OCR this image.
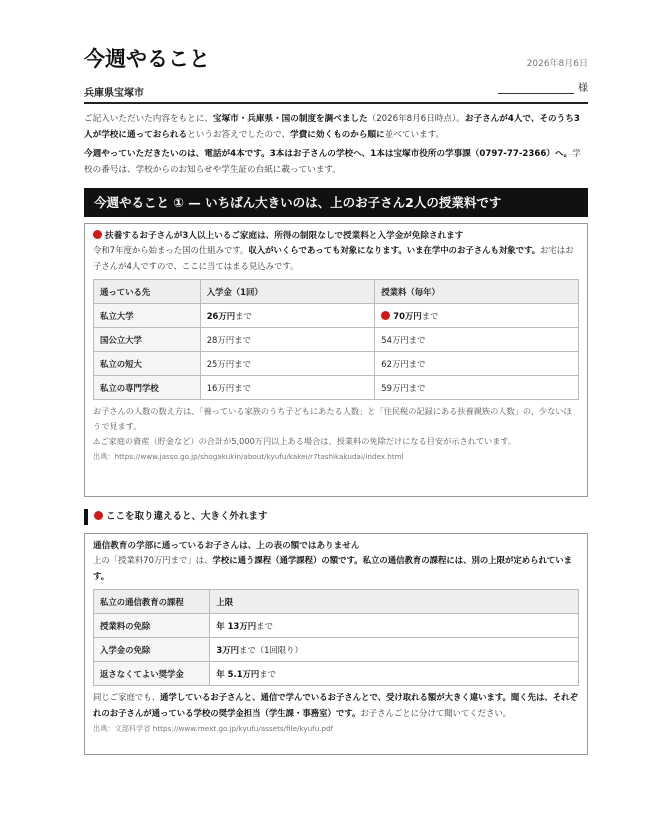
今週やること	2026年8月6日
兵庫県宝塚市	様

ご記入いただいた内容をもとに、宝塚市・兵庫県・国の制度を調べました（2026年8月6日時点）。お子さんが4人で、そのうち3人が学校に通っておられるというお答えでしたので、学費に効くものから順に並べています。

今週やっていただきたいのは、電話が4本です。3本はお子さんの学校へ、1本は宝塚市役所の学事課（0797-77-2366）へ。学校の番号は、学校からのお知らせや学生証の台紙に載っています。

今週やること ① — いちばん大きいのは、上のお子さん2人の授業料です
扶養するお子さんが3人以上いるご家庭は、所得の制限なしで授業料と入学金が免除されます

令和7年度から始まった国の仕組みです。収入がいくらであっても対象になります。いま在学中のお子さんも対象です。お宅はお子さんが4人ですので、ここに当てはまる見込みです。

通っている先	入学金（1回）	授業料（毎年）
私立大学	26万円まで	70万円まで
国公立大学	28万円まで	54万円まで
私立の短大	25万円まで	62万円まで
私立の専門学校	16万円まで	59万円まで
お子さんの人数の数え方は、「養っている家族のうち子どもにあたる人数」と「住民税の記録にある扶養親族の人数」の、少ないほうで見ます。
⚠ご家庭の資産（貯金など）の合計が5,000万円以上ある場合は、授業料の免除だけになる目安が示されています。
出典：https://www.jasso.go.jp/shogakukin/about/kyufu/kakei/r7tashikakudai/index.html
ここを取り違えると、大きく外れます
通信教育の学部に通っているお子さんは、上の表の額ではありません

上の「授業料70万円まで」は、学校に通う課程（通学課程）の額です。私立の通信教育の課程には、別の上限が定められています。

私立の通信教育の課程	上限
授業料の免除	年 13万円まで
入学金の免除	3万円まで（1回限り）
返さなくてよい奨学金	年 5.1万円まで

同じご家庭でも、通学しているお子さんと、通信で学んでいるお子さんとで、受け取れる額が大きく違います。聞く先は、それぞれのお子さんが通っている学校の奨学金担当（学生課・事務室）です。お子さんごとに分けて聞いてください。

出典：文部科学省 https://www.mext.go.jp/kyufu/assets/file/kyufu.pdf
